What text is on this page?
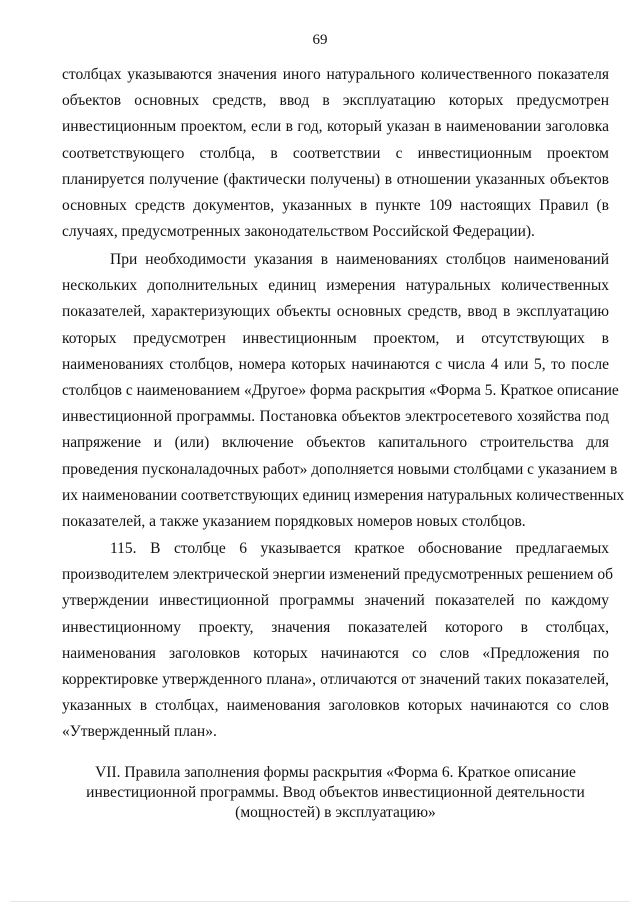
69

столбцах указываются значения иного натурального количественного показателя
объектов основных средств, ввод в эксплуатацию которых предусмотрен
инвестиционным проектом, если в год, который указан в наименовании заголовка
соответствующего столбца, в соответствии с инвестиционным проектом
планируется получение (фактически получены) в отношении указанных объектов
основных средств документов, указанных в пункте 109 настоящих Правил (в
случаях, предусмотренных законодательством Российской Федерации).

При необходимости указания в наименованиях столбцов наименований
нескольких дополнительных единиц измерения натуральных количественных
показателей, характеризующих объекты основных средств, ввод в эксплуатацию
которых предусмотрен инвестиционным проектом, и отсутствующих в
наименованиях столбцов, номера которых начинаются с числа 4 или 5, то после
столбцов с наименованием «Другое» форма раскрытия «Форма 5. Краткое описание
инвестиционной программы. Постановка объектов электросетевого хозяйства под
напряжение и (или) включение объектов капитального строительства для
проведения пусконаладочных работ» дополняется новыми столбцами с указанием в
их наименовании соответствующих единиц измерения натуральных количественных
показателей, а также указанием порядковых номеров новых столбцов.

115. В столбце 6 указывается краткое обоснование предлагаемых
производителем электрической энергии изменений предусмотренных решением об
утверждении инвестиционной программы значений показателей по каждому
инвестиционному проекту, значения показателей которого в столбцах,
наименования заголовков которых начинаются со слов «Предложения по
корректировке утвержденного плана», отличаются от значений таких показателей,
указанных в столбцах, наименования заголовков которых начинаются со слов
«Утвержденный план».

VII. Правила заполнения формы раскрытия «Форма 6. Краткое описание
инвестиционной программы. Ввод объектов инвестиционной деятельности
(мощностей) в эксплуатацию»
